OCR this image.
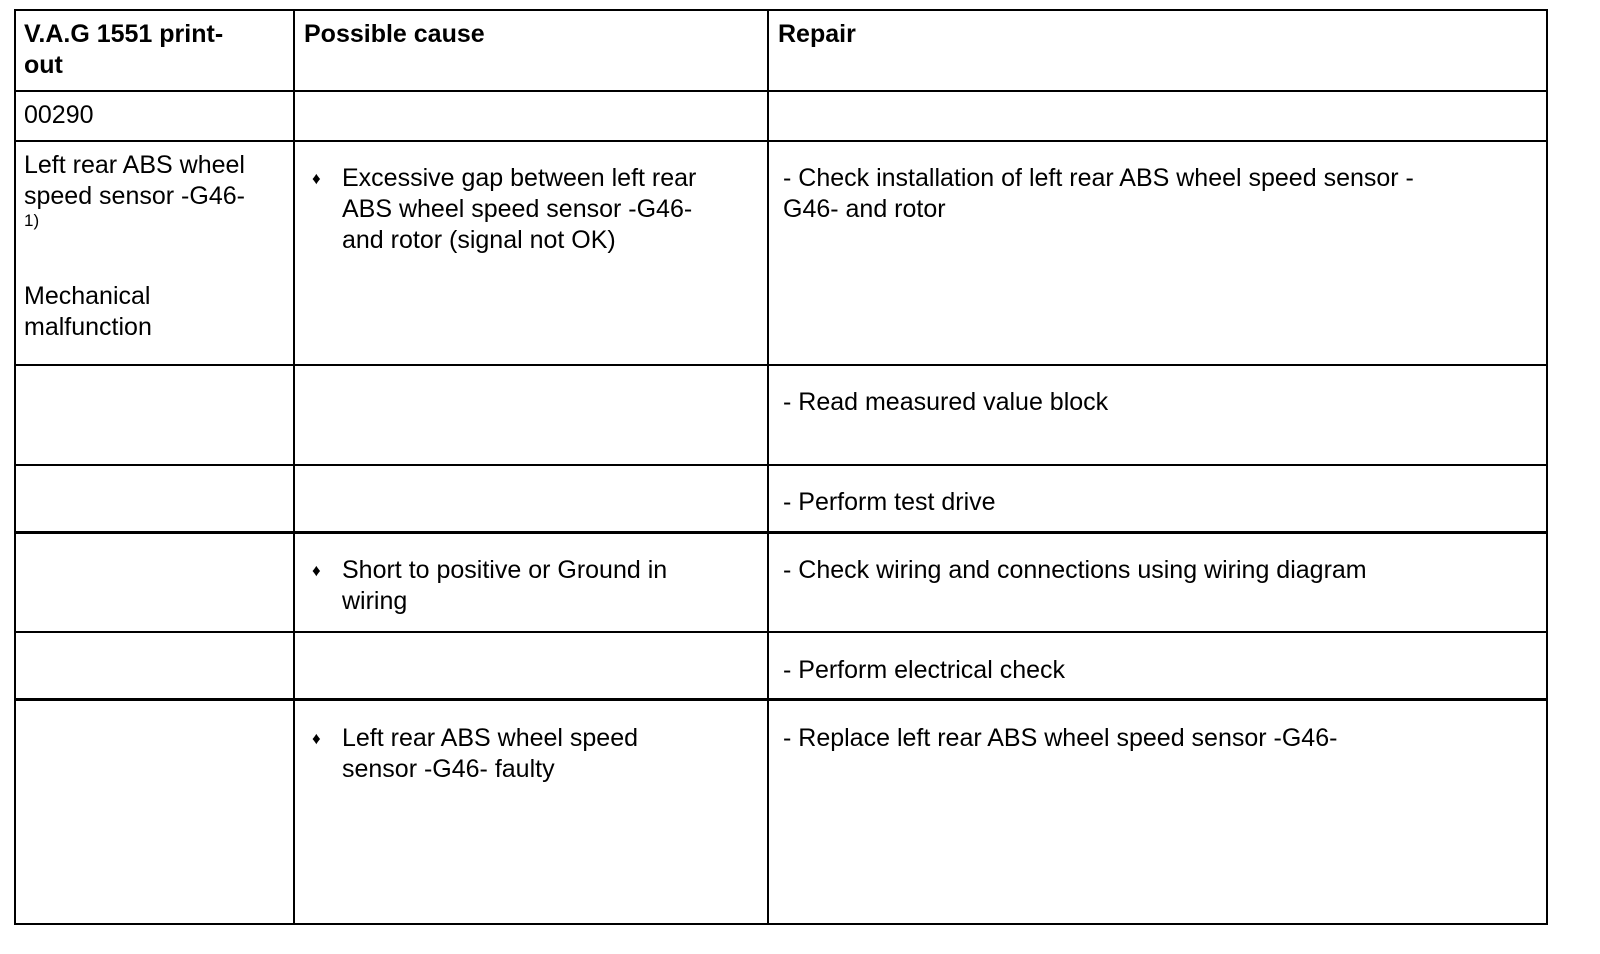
V.A.G 1551 print-
out
Possible cause	Repair
00290
Left rear ABS wheel
speed sensor -G46-
1)
Mechanical
malfunction
♦ Excessive gap between left rear
ABS wheel speed sensor -G46-
and rotor (signal not OK)
- Check installation of left rear ABS wheel speed sensor -
G46- and rotor
- Read measured value block
- Perform test drive
♦ Short to positive or Ground in
wiring
- Check wiring and connections using wiring diagram
- Perform electrical check
♦ Left rear ABS wheel speed
sensor -G46- faulty
- Replace left rear ABS wheel speed sensor -G46-
